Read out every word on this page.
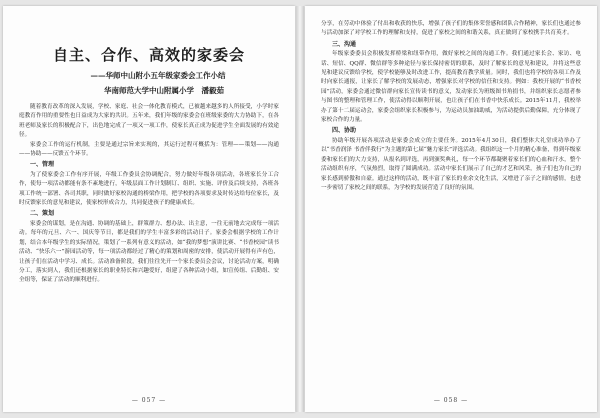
自主、合作、高效的家委会
——华师中山附小五年级家委会工作小结
华南师范大学中山附属小学　潘毅茹

随着教育改革的深入发展，学校、家庭、社会一体化教育模式，已被越来越多的人所接受，小学时家庭教育作用的重要性也日益成为大家的共识。五年来，我们年级的家委会在班级家委的大力协助下，在各班老师及家长的积极配合下，出色地完成了一项又一项工作，使家长真正成为促进学生全面发展的有效途径。

家委会工作的运行机制，主要是通过宗旨来实现的，其运行过程可概括为：管理——策划——沟通——协助——反馈五个环节。

一、管理

为了使家委会工作有序开展，年级工作委员会协调配合，努力做好年级各项活动，各班家长分工合作，使每一项活动都能有条不紊地进行，年级层面工作计划制订、组织、实施、评价及后续支持，各班各项工作统一部署、各司其职，同时做好家校沟通的桥梁作用，把学校的各项要求及时传达给每位家长，及时反馈家长的意见和建议，使家校形成合力，共同促进孩子的健康成长。

二、策划

家委会的谋划，是在沟通、协调的基础上，群策群力、想办法、出主意，一往无前地去完成每一项活动。每年的元旦、六一、国庆等节日，都是我们的学生丰富多彩的活动日子。家委会根据学校的工作计划，结合本年级学生的实际情况，策划了一系列有意义的活动，如“我的梦想”演讲比赛、“书香校园”读书活动、“快乐六一”游园活动等，每一项活动都经过了精心的策划和周密的安排，使活动开展得有声有色，让孩子们在活动中学习、成长。活动准备阶段，我们往往先开一个家长委员会会议，讨论活动方案，明确分工，落实到人，我们还根据家长的职业特长和兴趣爱好，组建了各种活动小组，如宣传组、后勤组、安全组等，保证了活动的顺利进行。

— 057 —

分享，在劳动中体验了付出和收获的快乐，增强了孩子们的集体荣誉感和团队合作精神，家长们也通过参与活动加深了对学校工作的理解和支持，促进了家校之间的和谐关系，真正做到了家校携手共育英才。

三、沟通

年级家委委员会积极发挥桥梁和纽带作用，做好家校之间的沟通工作。我们通过家长会、家访、电话、短信、QQ群、微信群等多种途径与家长保持密切的联系，及时了解家长的意见和建议，并将这些意见和建议反馈给学校，使学校能够及时改进工作，提高教育教学质量。同时，我们也将学校的各项工作及时向家长通报，让家长了解学校的发展动态，增强家长对学校的信任和支持。例如：我校开展的“书香校园”活动，家委会通过微信群向家长宣传读书的意义，发动家长为班级图书角捐书，并组织家长志愿者参与图书的整理和管理工作，使活动得以顺利开展，也让孩子们在书香中快乐成长。2015年11月，我校举办了第十二届运动会，家委会组织家长积极参与，为运动员加油助威，为活动提供后勤保障，充分体现了家校合作的力量。

四、协助

协助年级开展各项活动是家委会成立的主要任务。2015年4月30日，我们整体大礼堂成功举办了以“书香润泽 书香伴我行”为主题的第七届“魅力家长”评选活动。我组织这一个月的精心准备，得到年级家委和家长们的大力支持，从报名到评选，再到颁奖典礼，每一个环节都凝聚着家长们的心血和汗水，整个活动组织有序，气氛热烈，取得了圆满成功。活动中家长们展示了自己的才艺和风采，孩子们也为自己的家长感到骄傲和自豪。通过这样的活动，既丰富了家长的业余文化生活，又增进了亲子之间的感情，也进一步密切了家校之间的联系，为学校的发展营造了良好的氛围。

— 058 —
